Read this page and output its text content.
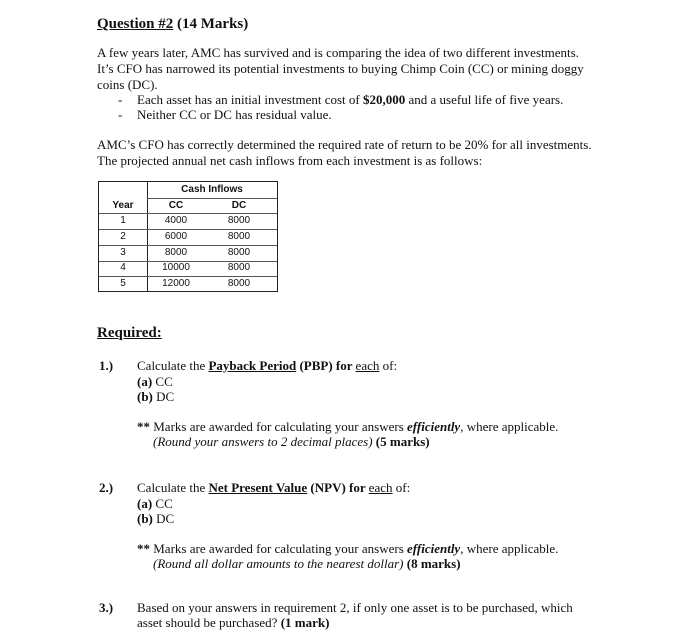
Question #2 (14 Marks)
A few years later, AMC has survived and is comparing the idea of two different investments.
It’s CFO has narrowed its potential investments to buying Chimp Coin (CC) or mining doggy
coins (DC).
- Each asset has an initial investment cost of $20,000 and a useful life of five years.
- Neither CC or DC has residual value.
AMC’s CFO has correctly determined the required rate of return to be 20% for all investments.
The projected annual net cash inflows from each investment is as follows:
Cash Inflows
Year	CC	DC
1	4000	8000
2	6000	8000
3	8000	8000
4	10000	8000
5	12000	8000
Required:
1.) Calculate the Payback Period (PBP) for each of:
(a) CC
(b) DC
** Marks are awarded for calculating your answers efficiently, where applicable.
(Round your answers to 2 decimal places) (5 marks)
2.) Calculate the Net Present Value (NPV) for each of:
(a) CC
(b) DC
** Marks are awarded for calculating your answers efficiently, where applicable.
(Round all dollar amounts to the nearest dollar) (8 marks)
3.) Based on your answers in requirement 2, if only one asset is to be purchased, which
asset should be purchased? (1 mark)
